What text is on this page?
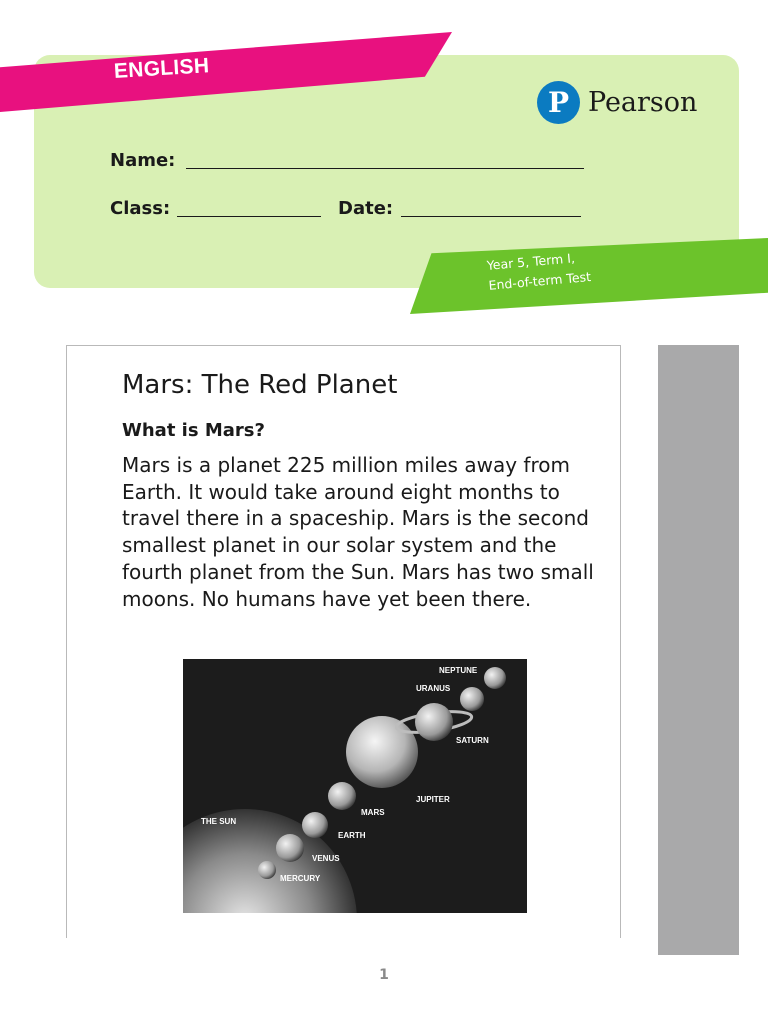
ENGLISH
P Pearson
Name:
Class:	Date:
Year 5, Term I,
End-of-term Test
Mars: The Red Planet
What is Mars?

Mars is a planet 225 million miles away from Earth. It would take around eight months to travel there in a spaceship. Mars is the second smallest planet in our solar system and the fourth planet from the Sun. Mars has two small moons. No humans have yet been there.

NEPTUNE
URANUS
SATURN
JUPITER
MARS
EARTH
VENUS
MERCURY
THE SUN
1
